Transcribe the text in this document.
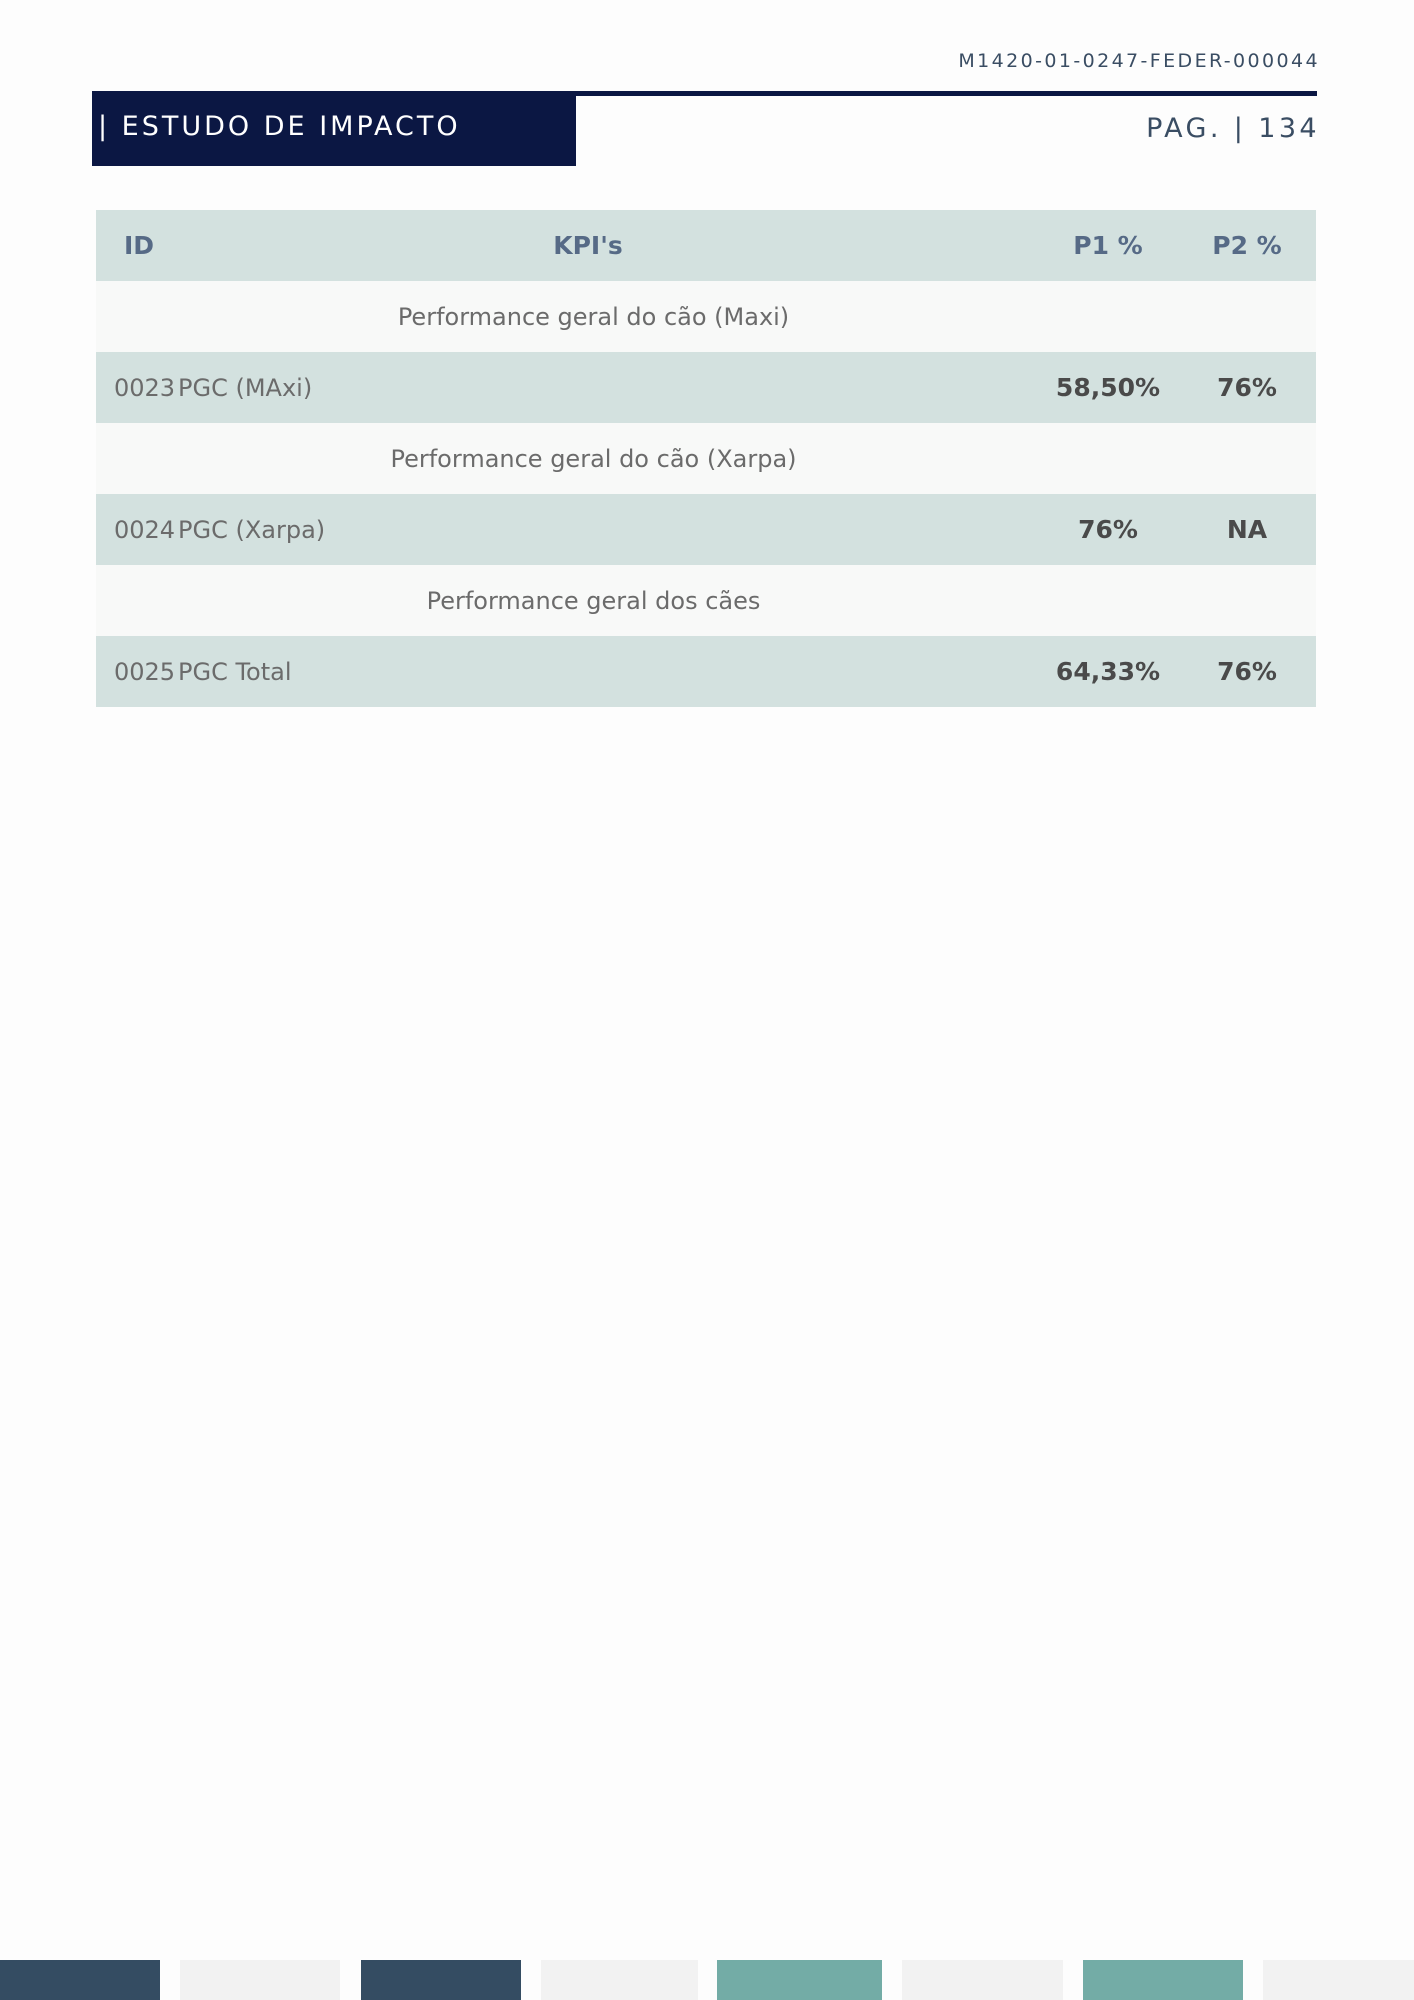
M1420-01-0247-FEDER-000044
| ESTUDO DE IMPACTO	PAG. | 134
ID	KPI's	P1 %	P2 %
Performance geral do cão (Maxi)			
0023	PGC (MAxi)	58,50%	76%
Performance geral do cão (Xarpa)			
0024	PGC (Xarpa)	76%	NA
Performance geral dos cães			
0025	PGC Total	64,33%	76%
